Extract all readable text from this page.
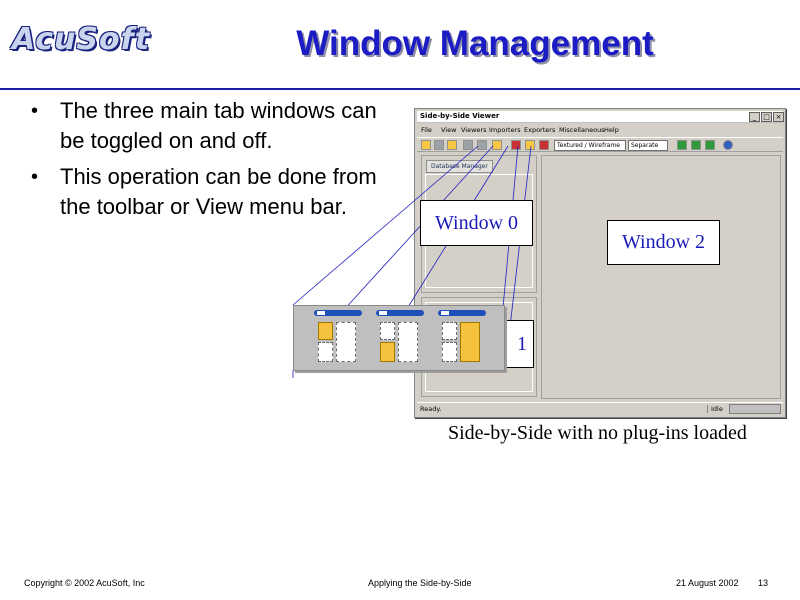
AcuSoft	Window Management
• The three main tab windows can be toggled on and off.
• This operation can be done from the toolbar or View menu bar.
Side-by-Side Viewer	_ □ ×
File View Viewers Importers Exporters Miscellaneous Help
Textured / Wireframe	Separate
Database Manager
Ready.	Idle
Window 0
Window 2
1
Side-by-Side with no plug-ins loaded
Copyright © 2002 AcuSoft, Inc	Applying the Side-by-Side	21 August 2002 13
